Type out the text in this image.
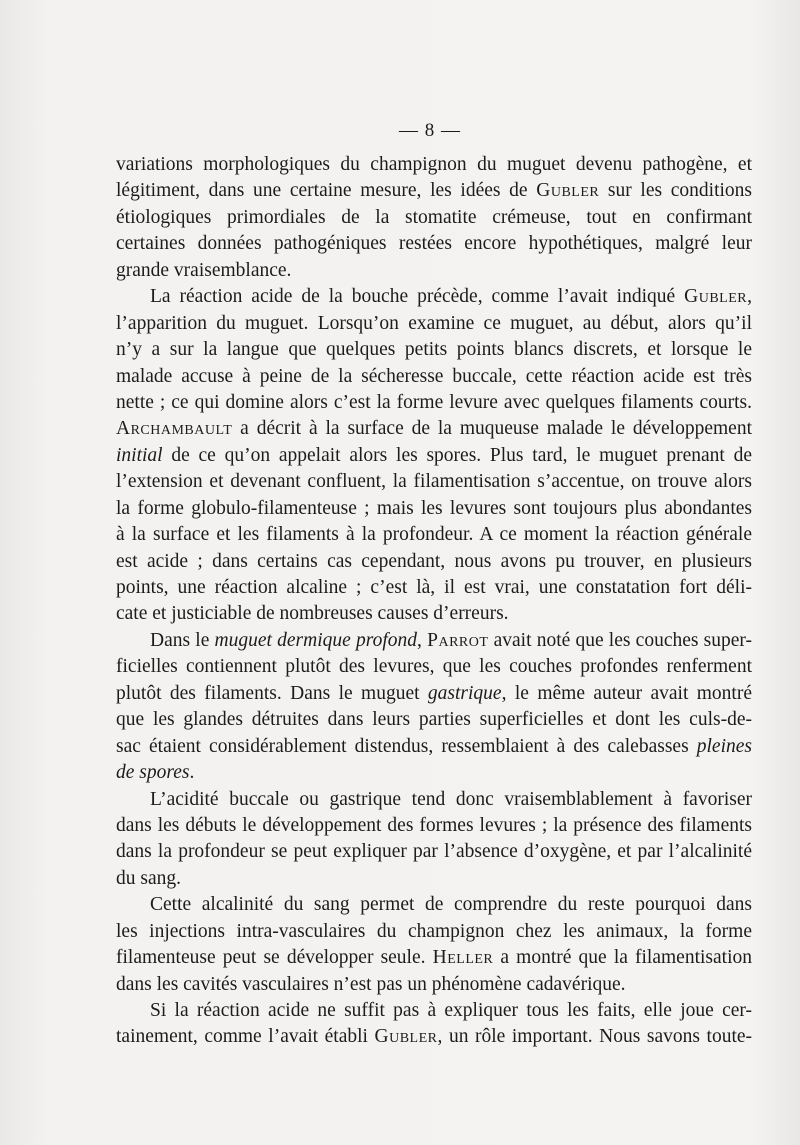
— 8 —
variations morphologiques du champignon du muguet devenu pathogène, et
légitiment, dans une certaine mesure, les idées de Gubler sur les conditions
étiologiques primordiales de la stomatite crémeuse, tout en confirmant
certaines données pathogéniques restées encore hypothétiques, malgré leur
grande vraisemblance.
La réaction acide de la bouche précède, comme l’avait indiqué Gubler,
l’apparition du muguet. Lorsqu’on examine ce muguet, au début, alors qu’il
n’y a sur la langue que quelques petits points blancs discrets, et lorsque le
malade accuse à peine de la sécheresse buccale, cette réaction acide est très
nette ; ce qui domine alors c’est la forme levure avec quelques filaments courts.
Archambault a décrit à la surface de la muqueuse malade le développement
initial de ce qu’on appelait alors les spores. Plus tard, le muguet prenant de
l’extension et devenant confluent, la filamentisation s’accentue, on trouve alors
la forme globulo-filamenteuse ; mais les levures sont toujours plus abondantes
à la surface et les filaments à la profondeur. A ce moment la réaction générale
est acide ; dans certains cas cependant, nous avons pu trouver, en plusieurs
points, une réaction alcaline ; c’est là, il est vrai, une constatation fort déli-
cate et justiciable de nombreuses causes d’erreurs.
Dans le muguet dermique profond, Parrot avait noté que les couches super-
ficielles contiennent plutôt des levures, que les couches profondes renferment
plutôt des filaments. Dans le muguet gastrique, le même auteur avait montré
que les glandes détruites dans leurs parties superficielles et dont les culs-de-
sac étaient considérablement distendus, ressemblaient à des calebasses pleines
de spores.
L’acidité buccale ou gastrique tend donc vraisemblablement à favoriser
dans les débuts le développement des formes levures ; la présence des filaments
dans la profondeur se peut expliquer par l’absence d’oxygène, et par l’alcalinité
du sang.
Cette alcalinité du sang permet de comprendre du reste pourquoi dans
les injections intra-vasculaires du champignon chez les animaux, la forme
filamenteuse peut se développer seule. Heller a montré que la filamentisation
dans les cavités vasculaires n’est pas un phénomène cadavérique.
Si la réaction acide ne suffit pas à expliquer tous les faits, elle joue cer-
tainement, comme l’avait établi Gubler, un rôle important. Nous savons toute-
